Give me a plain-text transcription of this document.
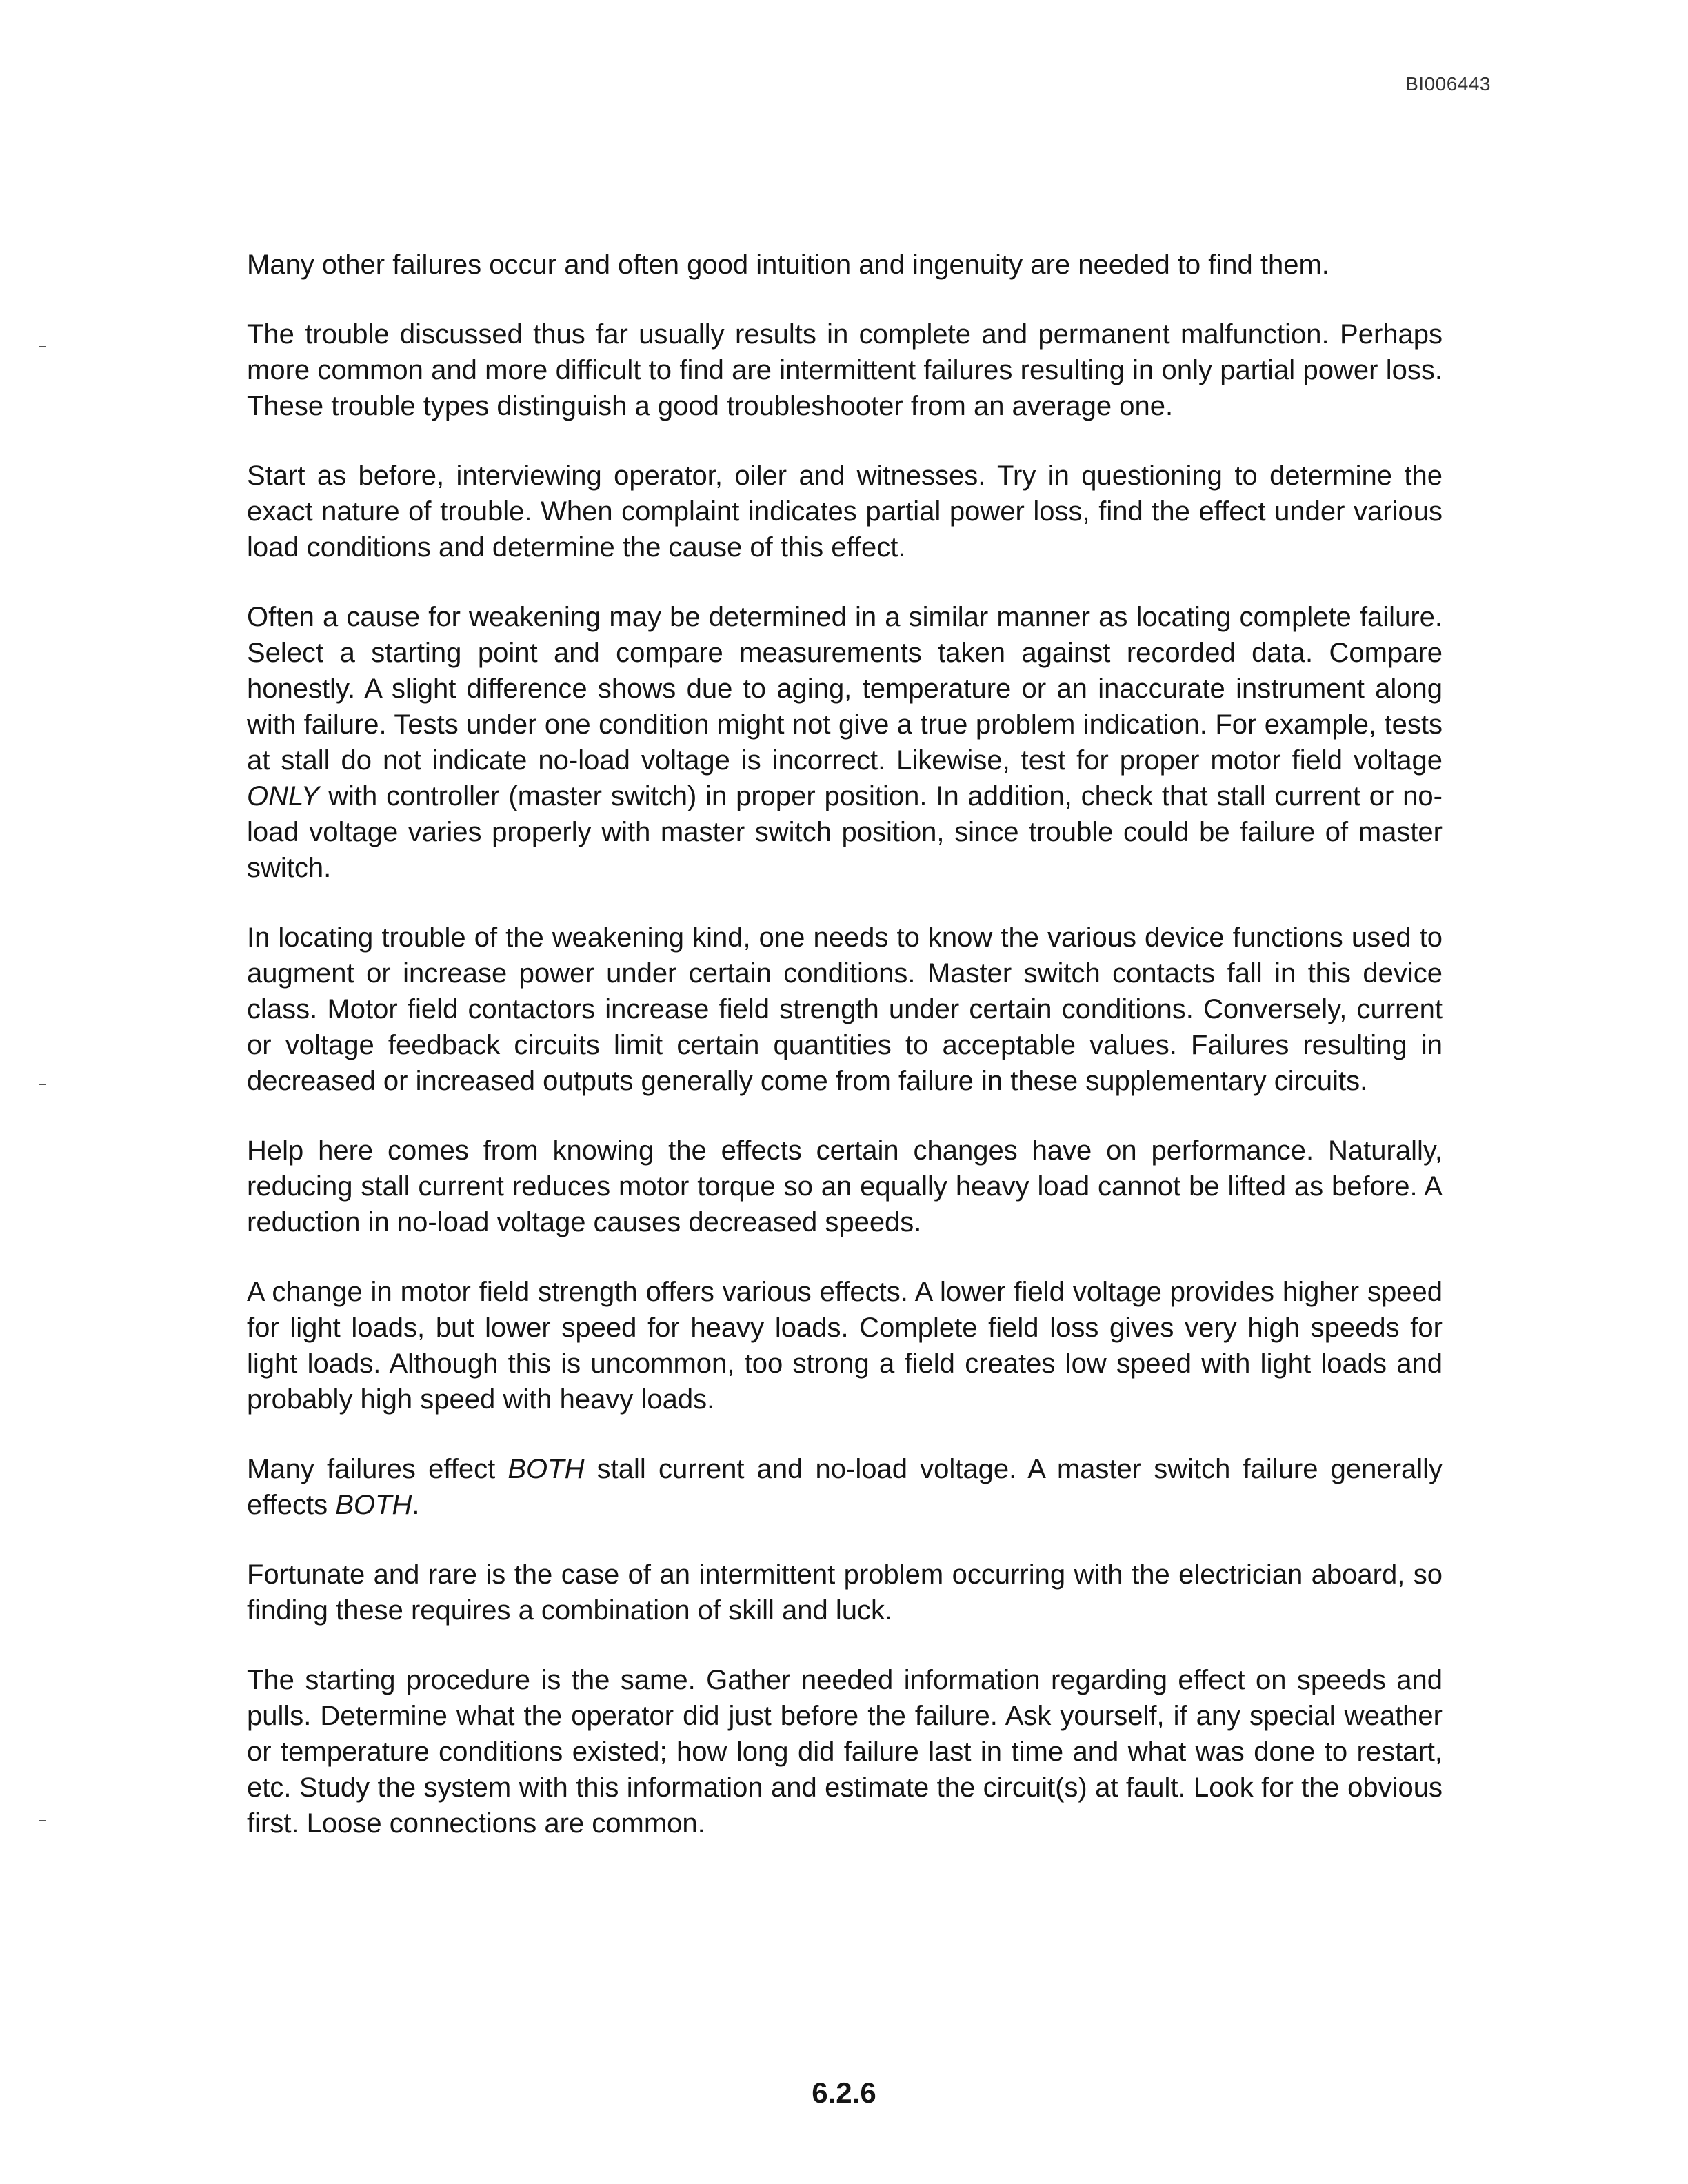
BI006443

Many other failures occur and often good intuition and ingenuity are needed to find them.

The trouble discussed thus far usually results in complete and permanent malfunction. Perhaps more common and more difficult to find are intermittent failures resulting in only partial power loss. These trouble types distinguish a good troubleshooter from an average one.

Start as before, interviewing operator, oiler and witnesses. Try in questioning to determine the exact nature of trouble. When complaint indicates partial power loss, find the effect under various load conditions and determine the cause of this effect.

Often a cause for weakening may be determined in a similar manner as locating complete failure. Select a starting point and compare measurements taken against recorded data. Compare honestly. A slight difference shows due to aging, temperature or an inaccurate instrument along with failure. Tests under one condition might not give a true problem indication. For example, tests at stall do not indicate no-load voltage is incorrect. Likewise, test for proper motor field voltage ONLY with controller (master switch) in proper position. In addition, check that stall current or no-load voltage varies properly with master switch position, since trouble could be failure of master switch.

In locating trouble of the weakening kind, one needs to know the various device functions used to augment or increase power under certain conditions. Master switch contacts fall in this device class. Motor field contactors increase field strength under certain conditions. Conversely, current or voltage feedback circuits limit certain quantities to acceptable values. Failures resulting in decreased or increased outputs generally come from failure in these supplementary circuits.

Help here comes from knowing the effects certain changes have on performance. Naturally, reducing stall current reduces motor torque so an equally heavy load cannot be lifted as before. A reduction in no-load voltage causes decreased speeds.

A change in motor field strength offers various effects. A lower field voltage provides higher speed for light loads, but lower speed for heavy loads. Complete field loss gives very high speeds for light loads. Although this is uncommon, too strong a field creates low speed with light loads and probably high speed with heavy loads.

Many failures effect BOTH stall current and no-load voltage. A master switch failure generally effects BOTH.

Fortunate and rare is the case of an intermittent problem occurring with the electrician aboard, so finding these requires a combination of skill and luck.

The starting procedure is the same. Gather needed information regarding effect on speeds and pulls. Determine what the operator did just before the failure. Ask yourself, if any special weather or temperature conditions existed; how long did failure last in time and what was done to restart, etc. Study the system with this information and estimate the circuit(s) at fault. Look for the obvious first. Loose connections are common.

6.2.6
